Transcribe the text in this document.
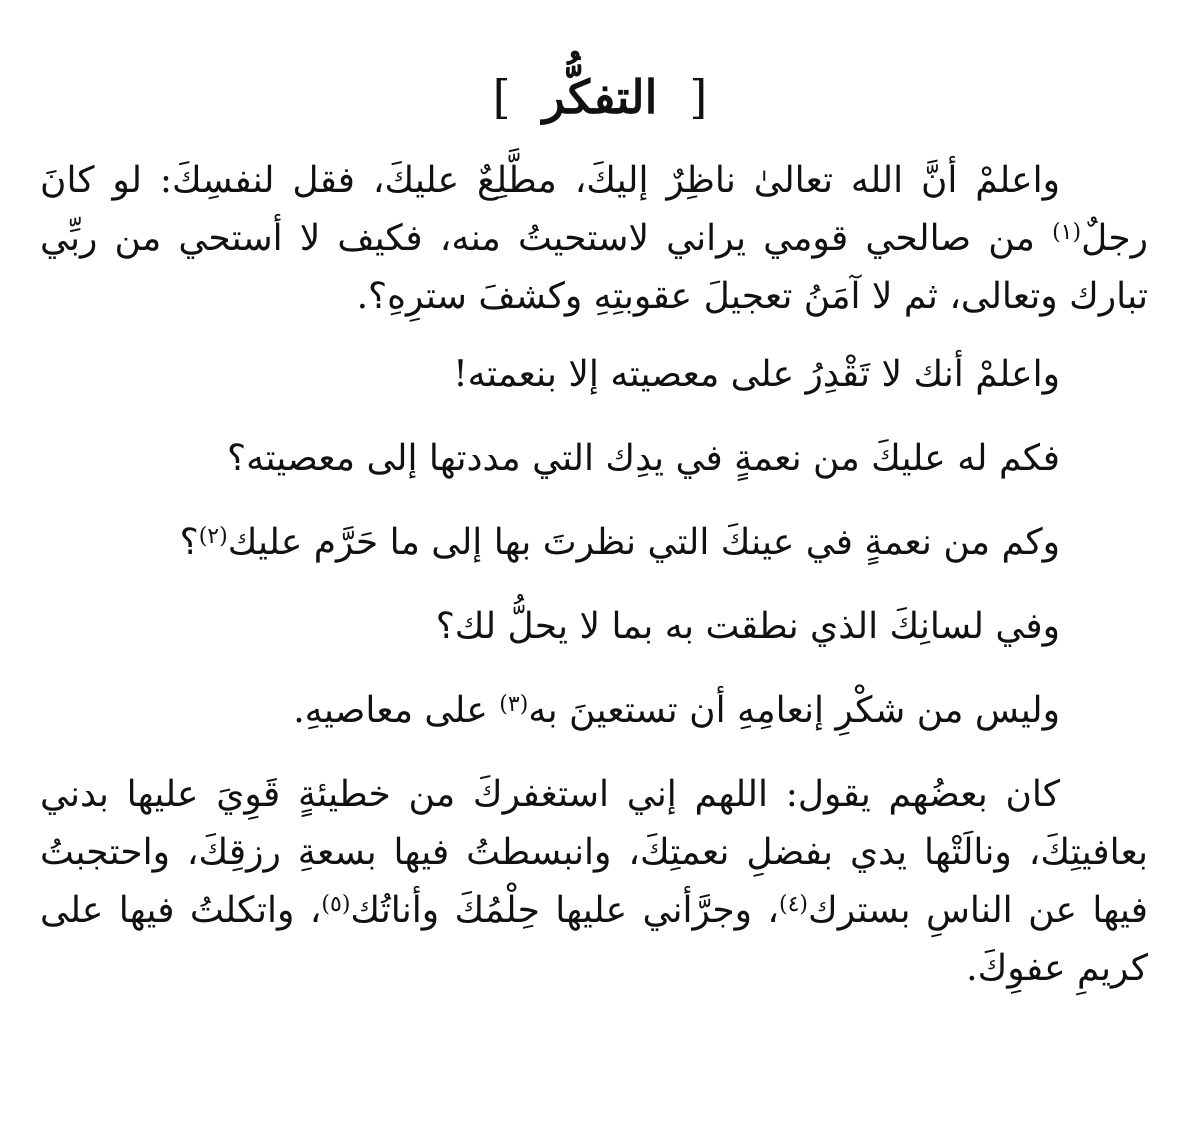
[ التفكُّر ]

واعلمْ أنَّ الله تعالىٰ ناظِرٌ إليكَ، مطَّلِعٌ عليكَ، فقل لنفسِكَ: لو كانَ رجلٌ$^{(١)}$ من صالحي قومي يراني لاستحيتُ منه، فكيف لا أستحي من ربِّي تبارك وتعالى، ثم لا آمَنُ تعجيلَ عقوبتِهِ وكشفَ سترِهِ؟.

واعلمْ أنك لا تَقْدِرُ على معصيته إلا بنعمته!

فكم له عليكَ من نعمةٍ في يدِك التي مددتها إلى معصيته؟

وكم من نعمةٍ في عينكَ التي نظرتَ بها إلى ما حَرَّم عليك$^{(٢)}$؟

وفي لسانِكَ الذي نطقت به بما لا يحلُّ لك؟

وليس من شكْرِ إنعامِهِ أن تستعينَ به$^{(٣)}$ على معاصيهِ.

كان بعضُهم يقول: اللهم إني استغفركَ من خطيئةٍ قَوِيَ عليها بدني بعافيتِكَ، ونالَتْها يدي بفضلِ نعمتِكَ، وانبسطتُ فيها بسعةِ رزقِكَ، واحتجبتُ فيها عن الناسِ بسترك$^{(٤)}$، وجرَّأني عليها حِلْمُكَ وأناتُك$^{(٥)}$، واتكلتُ فيها على كريمِ عفوِكَ.
